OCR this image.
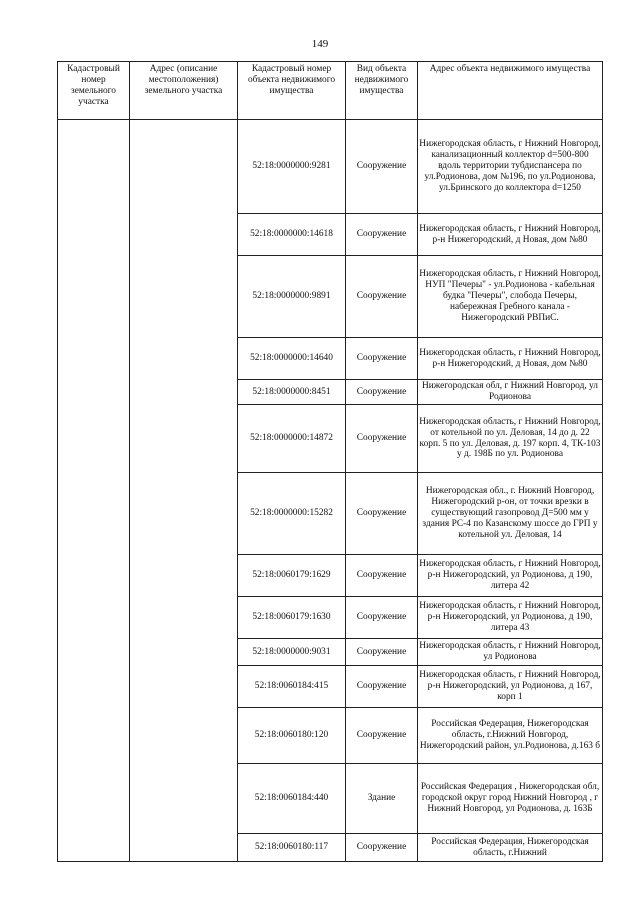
149
Кадастровый номер земельного участка	Адрес (описание местоположения) земельного участка	Кадастровый номер объекта недвижимого имущества	Вид объекта недвижимого имущества	Адрес объекта недвижимого имущества
		52:18:0000000:9281	Сооружение	Нижегородская область, г Нижний Новгород, канализационный коллектор d=500-800 вдоль территории тубдиспансера по ул.Родионова, дом №196, по ул.Родионова, ул.Бринского до коллектора d=1250
		52:18:0000000:14618	Сооружение	Нижегородская область, г Нижний Новгород, р-н Нижегородский, д Новая, дом №80
		52:18:0000000:9891	Сооружение	Нижегородская область, г Нижний Новгород, НУП "Печеры" - ул.Родионова - кабельная будка "Печеры", слобода Печеры, набережная Гребного канала - Нижегородский РВПиС.
		52:18:0000000:14640	Сооружение	Нижегородская область, г Нижний Новгород, р-н Нижегородский, д Новая, дом №80
		52:18:0000000:8451	Сооружение	Нижегородская обл, г Нижний Новгород, ул Родионова
		52:18:0000000:14872	Сооружение	Нижегородская область, г Нижний Новгород, от котельной по ул. Деловая, 14 до д. 22 корп. 5 по ул. Деловая, д. 197 корп. 4, ТК-103 у д. 198Б по ул. Родионова
		52:18:0000000:15282	Сооружение	Нижегородская обл., г. Нижний Новгород, Нижегородский р-он, от точки врезки в существующий газопровод Д=500 мм у здания РС-4 по Казанскому шоссе до ГРП у котельной ул. Деловая, 14
		52:18:0060179:1629	Сооружение	Нижегородская область, г Нижний Новгород, р-н Нижегородский, ул Родионова, д 190, литера 42
		52:18:0060179:1630	Сооружение	Нижегородская область, г Нижний Новгород, р-н Нижегородский, ул Родионова, д 190, литера 43
		52:18:0000000:9031	Сооружение	Нижегородская область, г Нижний Новгород, ул Родионова
		52:18:0060184:415	Сооружение	Нижегородская область, г Нижний Новгород, р-н Нижегородский, ул Родионова, д 167, корп 1
		52:18:0060180:120	Сооружение	Российская Федерация, Нижегородская область, г.Нижний Новгород, Нижегородский район, ул.Родионова, д.163 б
		52:18:0060184:440	Здание	Российская Федерация , Нижегородская обл, городской округ город Нижний Новгород , г Нижний Новгород, ул Родионова, д. 163Б
		52:18:0060180:117	Сооружение	Российская Федерация, Нижегородская область, г.Нижний
